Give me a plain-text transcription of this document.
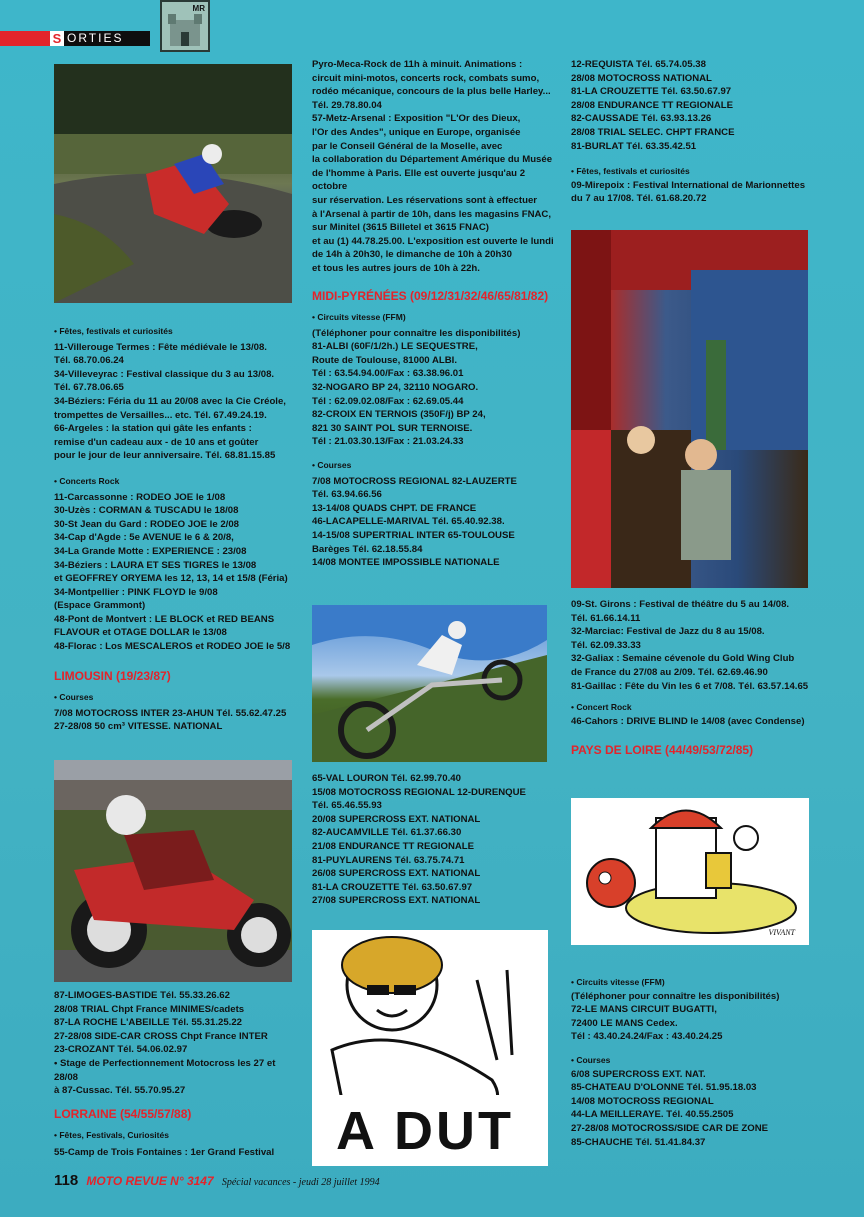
S ORTIES
MR
A DUT
VIVANT

• Fêtes, festivals et curiosités

11-Villerouge Termes : Fête médiévale le 13/08.

Tél. 68.70.06.24

34-Villeveyrac : Festival classique du 3 au 13/08.

Tél. 67.78.06.65

34-Béziers: Féria du 11 au 20/08 avec la Cie Créole,

trompettes de Versailles... etc. Tél. 67.49.24.19.

66-Argeles : la station qui gâte les enfants :

remise d'un cadeau aux - de 10 ans et goûter

pour le jour de leur anniversaire. Tél. 68.81.15.85

• Concerts Rock

11-Carcassonne : RODEO JOE le 1/08

30-Uzès : CORMAN & TUSCADU le 18/08

30-St Jean du Gard : RODEO JOE le 2/08

34-Cap d'Agde : 5e AVENUE le 6 & 20/8,

34-La Grande Motte : EXPERIENCE : 23/08

34-Béziers : LAURA ET SES TIGRES le 13/08

et GEOFFREY ORYEMA les 12, 13, 14 et 15/8 (Féria)

34-Montpellier : PINK FLOYD le 9/08

(Espace Grammont)

48-Pont de Montvert : LE BLOCK et RED BEANS

FLAVOUR et OTAGE DOLLAR le 13/08

48-Florac : Los MESCALEROS et RODEO JOE le 5/8

LIMOUSIN (19/23/87)

• Courses

7/08 MOTOCROSS INTER 23-AHUN Tél. 55.62.47.25

27-28/08 50 cm³ VITESSE. NATIONAL

87-LIMOGES-BASTIDE Tél. 55.33.26.62

28/08 TRIAL Chpt France MINIMES/cadets

87-LA ROCHE L'ABEILLE Tél. 55.31.25.22

27-28/08 SIDE-CAR CROSS Chpt France INTER

23-CROZANT Tél. 54.06.02.97

• Stage de Perfectionnement Motocross les 27 et 28/08

à 87-Cussac. Tél. 55.70.95.27

LORRAINE (54/55/57/88)

• Fêtes, Festivals, Curiosités

55-Camp de Trois Fontaines : 1er Grand Festival

Pyro-Meca-Rock de 11h à minuit. Animations :

circuit mini-motos, concerts rock, combats sumo,

rodéo mécanique, concours de la plus belle Harley...

Tél. 29.78.80.04

57-Metz-Arsenal : Exposition "L'Or des Dieux,

l'Or des Andes", unique en Europe, organisée

par le Conseil Général de la Moselle, avec

la collaboration du Département Amérique du Musée

de l'homme à Paris. Elle est ouverte jusqu'au 2 octobre

sur réservation. Les réservations sont à effectuer

à l'Arsenal à partir de 10h, dans les magasins FNAC,

sur Minitel (3615 Billetel et 3615 FNAC)

et au (1) 44.78.25.00. L'exposition est ouverte le lundi

de 14h à 20h30, le dimanche de 10h à 20h30

et tous les autres jours de 10h à 22h.

MIDI-PYRÉNÉES (09/12/31/32/46/65/81/82)

• Circuits vitesse (FFM)

(Téléphoner pour connaître les disponibilités)

81-ALBI (60F/1/2h.) LE SEQUESTRE,

Route de Toulouse, 81000 ALBI.

Tél : 63.54.94.00/Fax : 63.38.96.01

32-NOGARO BP 24, 32110 NOGARO.

Tél : 62.09.02.08/Fax : 62.69.05.44

82-CROIX EN TERNOIS (350F/j) BP 24,

821 30 SAINT POL SUR TERNOISE.

Tél : 21.03.30.13/Fax : 21.03.24.33

• Courses

7/08 MOTOCROSS REGIONAL 82-LAUZERTE

Tél. 63.94.66.56

13-14/08 QUADS CHPT. DE FRANCE

46-LACAPELLE-MARIVAL Tél. 65.40.92.38.

14-15/08 SUPERTRIAL INTER 65-TOULOUSE

Barèges Tél. 62.18.55.84

14/08 MONTEE IMPOSSIBLE NATIONALE

65-VAL LOURON Tél. 62.99.70.40

15/08 MOTOCROSS REGIONAL 12-DURENQUE

Tél. 65.46.55.93

20/08 SUPERCROSS EXT. NATIONAL

82-AUCAMVILLE Tél. 61.37.66.30

21/08 ENDURANCE TT REGIONALE

81-PUYLAURENS Tél. 63.75.74.71

26/08 SUPERCROSS EXT. NATIONAL

81-LA CROUZETTE Tél. 63.50.67.97

27/08 SUPERCROSS EXT. NATIONAL

12-REQUISTA Tél. 65.74.05.38

28/08 MOTOCROSS NATIONAL

81-LA CROUZETTE Tél. 63.50.67.97

28/08 ENDURANCE TT REGIONALE

82-CAUSSADE Tél. 63.93.13.26

28/08 TRIAL SELEC. CHPT FRANCE

81-BURLAT Tél. 63.35.42.51

• Fêtes, festivals et curiosités

09-Mirepoix : Festival International de Marionnettes

du 7 au 17/08. Tél. 61.68.20.72

09-St. Girons : Festival de théâtre du 5 au 14/08.

Tél. 61.66.14.11

32-Marciac: Festival de Jazz du 8 au 15/08.

Tél. 62.09.33.33

32-Galiax : Semaine cévenole du Gold Wing Club

de France du 27/08 au 2/09. Tél. 62.69.46.90

81-Gaillac : Fête du Vin les 6 et 7/08. Tél. 63.57.14.65

• Concert Rock

46-Cahors : DRIVE BLIND le 14/08 (avec Condense)

PAYS DE LOIRE (44/49/53/72/85)

• Circuits vitesse (FFM)

(Téléphoner pour connaître les disponibilités)

72-LE MANS CIRCUIT BUGATTI,

72400 LE MANS Cedex.

Tél : 43.40.24.24/Fax : 43.40.24.25

• Courses

6/08 SUPERCROSS EXT. NAT.

85-CHATEAU D'OLONNE Tél. 51.95.18.03

14/08 MOTOCROSS REGIONAL

44-LA MEILLERAYE. Tél. 40.55.2505

27-28/08 MOTOCROSS/SIDE CAR DE ZONE

85-CHAUCHE Tél. 51.41.84.37

118 MOTO REVUE N° 3147 Spécial vacances - jeudi 28 juillet 1994
